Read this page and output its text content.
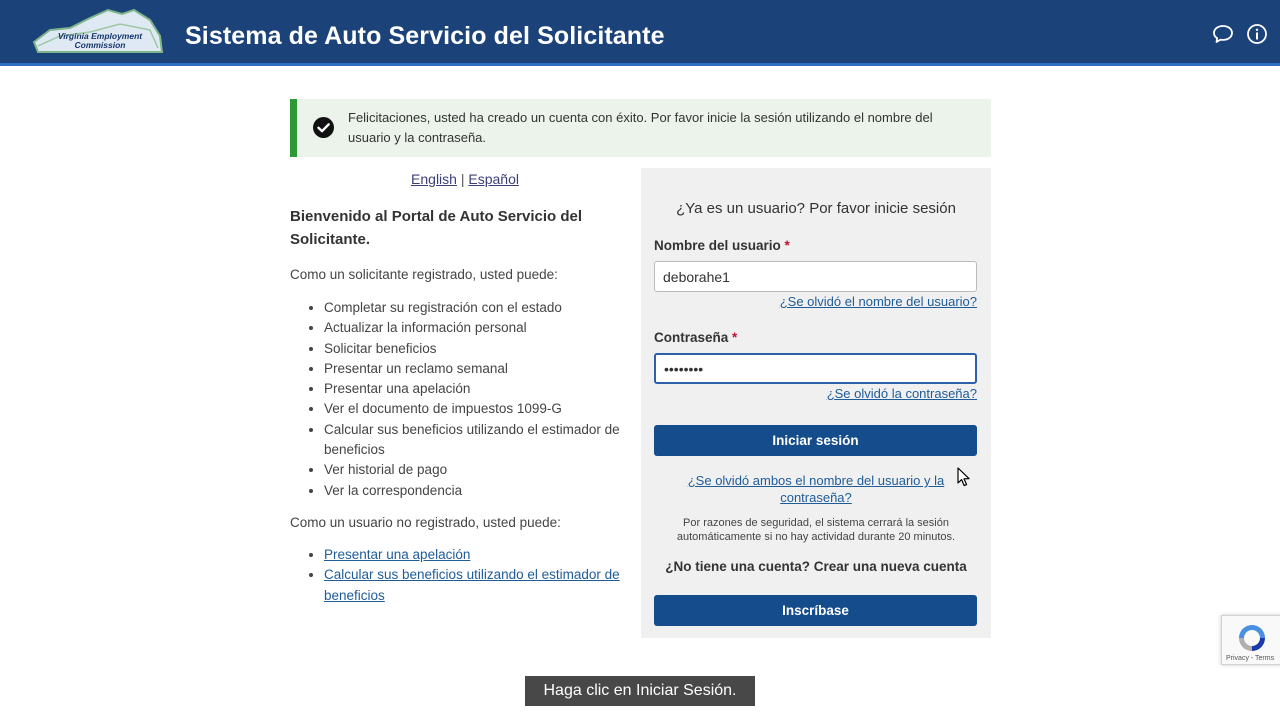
Virginia Employment Commission	Sistema de Auto Servicio del Solicitante
Felicitaciones, usted ha creado un cuenta con éxito. Por favor inicie la sesión utilizando el nombre del usuario y la contraseña.
English | Español
Bienvenido al Portal de Auto Servicio del Solicitante.
Como un solicitante registrado, usted puede:
• Completar su registración con el estado
• Actualizar la información personal
• Solicitar beneficios
• Presentar un reclamo semanal
• Presentar una apelación
• Ver el documento de impuestos 1099-G
• Calcular sus beneficios utilizando el estimador de beneficios
• Ver historial de pago
• Ver la correspondencia
Como un usuario no registrado, usted puede:
• Presentar una apelación
• Calcular sus beneficios utilizando el estimador de beneficios
¿Ya es un usuario? Por favor inicie sesión
Nombre del usuario *
deborahe1
¿Se olvidó el nombre del usuario?
Contraseña *
••••••••
¿Se olvidó la contraseña?
Iniciar sesión
¿Se olvidó ambos el nombre del usuario y la contraseña?
Por razones de seguridad, el sistema cerrará la sesión automáticamente si no hay actividad durante 20 minutos.
¿No tiene una cuenta? Crear una nueva cuenta
Inscríbase
Haga clic en Iniciar Sesión.
Privacy - Terms
